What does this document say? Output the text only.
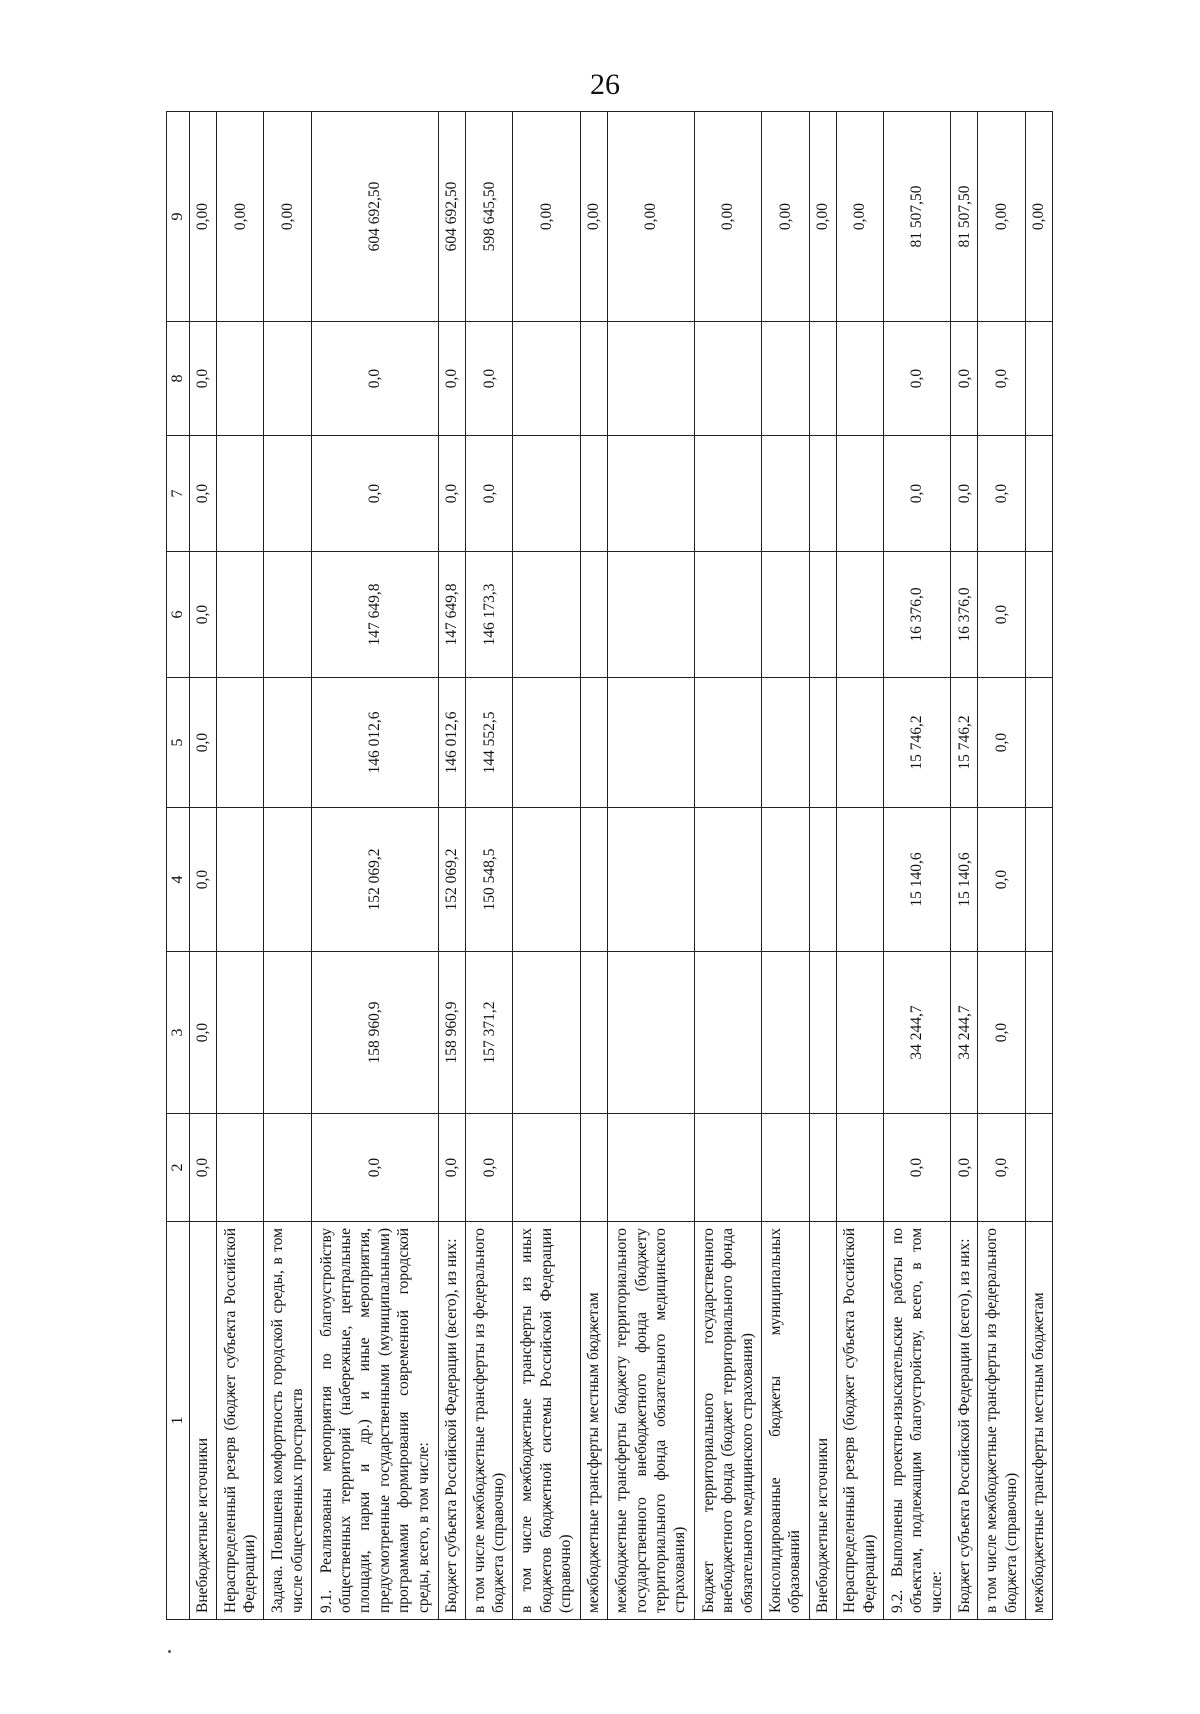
26
1	2	3	4	5	6	7	8	9
Внебюджетные источники	0,0	0,0	0,0	0,0	0,0	0,0	0,0	0,00
Нераспределенный резерв (бюджет субъекта Российской Федерации)								0,00
Задача. Повышена комфортность городской среды, в том числе общественных пространств								0,00
9.1. Реализованы мероприятия по благоустройству общественных территорий (набережные, центральные площади, парки и др.) и иные мероприятия, предусмотренные государственными (муниципальными) программами формирования современной городской среды, всего, в том числе:	0,0	158 960,9	152 069,2	146 012,6	147 649,8	0,0	0,0	604 692,50
Бюджет субъекта Российской Федерации (всего), из них:	0,0	158 960,9	152 069,2	146 012,6	147 649,8	0,0	0,0	604 692,50
в том числе межбюджетные трансферты из федерального бюджета (справочно)	0,0	157 371,2	150 548,5	144 552,5	146 173,3	0,0	0,0	598 645,50
в том числе межбюджетные трансферты из иных бюджетов бюджетной системы Российской Федерации (справочно)								0,00
межбюджетные трансферты местным бюджетам								0,00
межбюджетные трансферты бюджету территориального государственного внебюджетного фонда (бюджету территориального фонда обязательного медицинского страхования)								0,00
Бюджет территориального государственного внебюджетного фонда (бюджет территориального фонда обязательного медицинского страхования)								0,00
Консолидированные бюджеты муниципальных образований								0,00
Внебюджетные источники								0,00
Нераспределенный резерв (бюджет субъекта Российской Федерации)								0,00
9.2. Выполнены проектно-изыскательские работы по объектам, подлежащим благоустройству, всего, в том числе:	0,0	34 244,7	15 140,6	15 746,2	16 376,0	0,0	0,0	81 507,50
Бюджет субъекта Российской Федерации (всего), из них:	0,0	34 244,7	15 140,6	15 746,2	16 376,0	0,0	0,0	81 507,50
в том числе межбюджетные трансферты из федерального бюджета (справочно)	0,0	0,0	0,0	0,0	0,0	0,0	0,0	0,00
межбюджетные трансферты местным бюджетам								0,00
